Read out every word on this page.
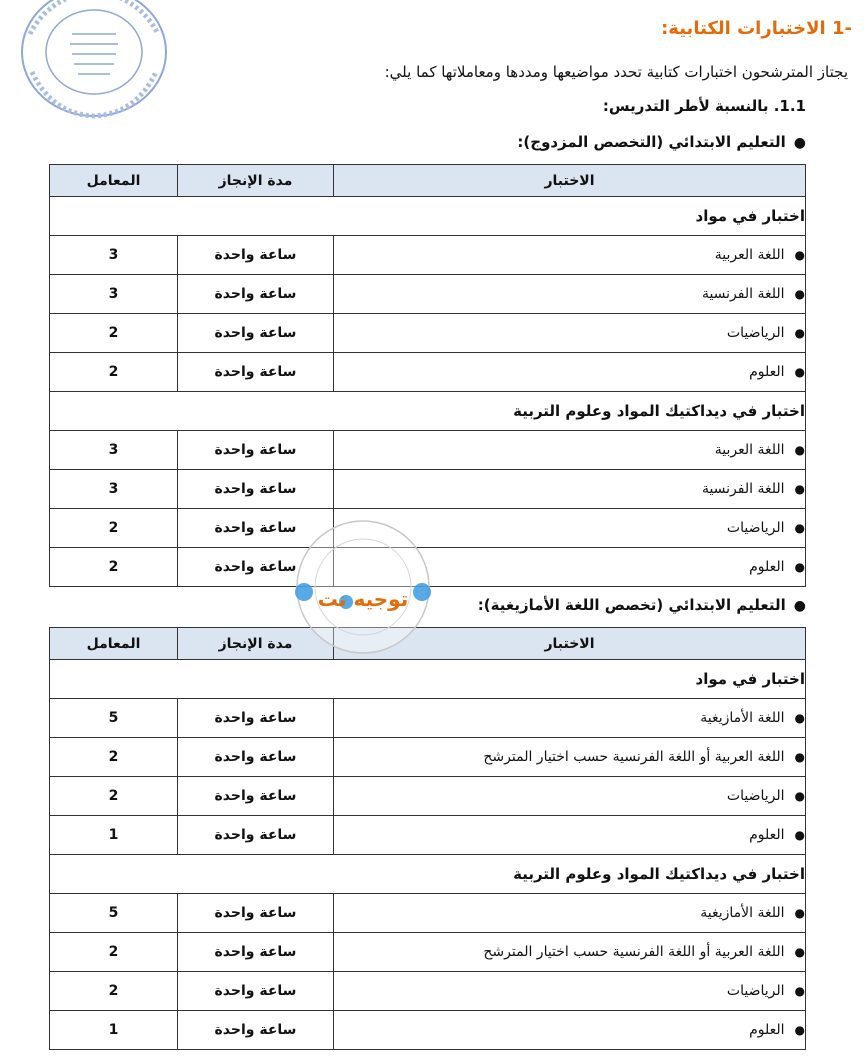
-1 الاختبارات الكتابية:
يجتاز المترشحون اختبارات كتابية تحدد مواضيعها ومددها ومعاملاتها كما يلي:
1.1. بالنسبة لأطر التدريس:
●التعليم الابتدائي (التخصص المزدوج):
الاختبار	مدة الإنجاز	المعامل
اختبار في مواد		
●اللغة العربية	ساعة واحدة	3
●اللغة الفرنسية	ساعة واحدة	3
●الرياضيات	ساعة واحدة	2
●العلوم	ساعة واحدة	2
اختبار في ديداكتيك المواد وعلوم التربية		
●اللغة العربية	ساعة واحدة	3
●اللغة الفرنسية	ساعة واحدة	3
●الرياضيات	ساعة واحدة	2
●العلوم	ساعة واحدة	2
●التعليم الابتدائي (تخصص اللغة الأمازيغية):
الاختبار	مدة الإنجاز	المعامل
اختبار في مواد		
●اللغة الأمازيغية	ساعة واحدة	5
●اللغة العربية أو اللغة الفرنسية حسب اختيار المترشح	ساعة واحدة	2
●الرياضيات	ساعة واحدة	2
●العلوم	ساعة واحدة	1
اختبار في ديداكتيك المواد وعلوم التربية		
●اللغة الأمازيغية	ساعة واحدة	5
●اللغة العربية أو اللغة الفرنسية حسب اختيار المترشح	ساعة واحدة	2
●الرياضيات	ساعة واحدة	2
●العلوم	ساعة واحدة	1
توجيه نت
